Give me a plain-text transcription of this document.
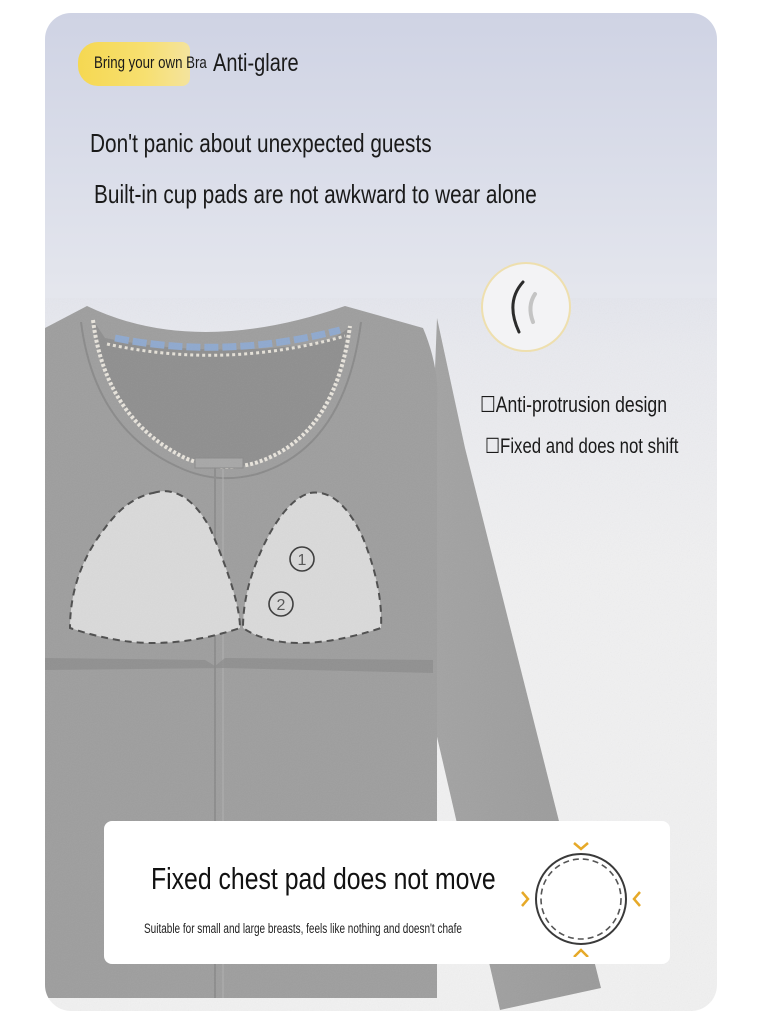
Bring your own Bra Anti-glare
Don't panic about unexpected guests
Built-in cup pads are not awkward to wear alone
☐Anti-protrusion design
☐Fixed and does not shift
Fixed chest pad does not move
Suitable for small and large breasts, feels like nothing and doesn't chafe
